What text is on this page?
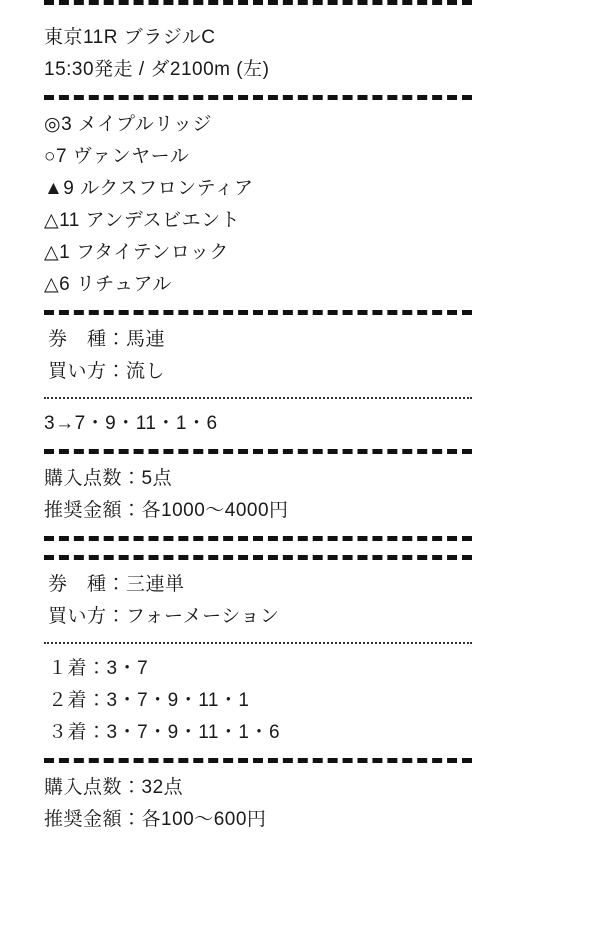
東京11R ブラジルC
15:30発走 / ダ2100m (左)
◎3 メイプルリッジ
○7 ヴァンヤール
▲9 ルクスフロンティア
△11 アンデスビエント
△1 フタイテンロック
△6 リチュアル
券　種：馬連
買い方：流し
3→7・9・11・1・6
購入点数：5点
推奨金額：各1000〜4000円
券　種：三連単
買い方：フォーメーション
１着：3・7
２着：3・7・9・11・1
３着：3・7・9・11・1・6
購入点数：32点
推奨金額：各100〜600円
